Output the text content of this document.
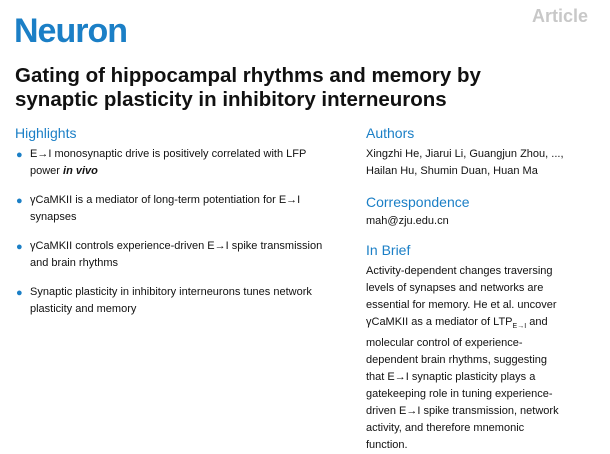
Neuron	Article
Gating of hippocampal rhythms and memory by
synaptic plasticity in inhibitory interneurons
Highlights
● E→I monosynaptic drive is positively correlated with LFP
power in vivo
● γCaMKII is a mediator of long-term potentiation for E→I
synapses
● γCaMKII controls experience-driven E→I spike transmission
and brain rhythms
● Synaptic plasticity in inhibitory interneurons tunes network
plasticity and memory
Authors
Xingzhi He, Jiarui Li, Guangjun Zhou, ...,
Hailan Hu, Shumin Duan, Huan Ma
Correspondence
mah@zju.edu.cn
In Brief
Activity-dependent changes traversing
levels of synapses and networks are
essential for memory. He et al. uncover
γCaMKII as a mediator of $LTP_{E\to I}$ and
molecular control of experience-
dependent brain rhythms, suggesting
that E→I synaptic plasticity plays a
gatekeeping role in tuning experience-
driven E→I spike transmission, network
activity, and therefore mnemonic
function.
